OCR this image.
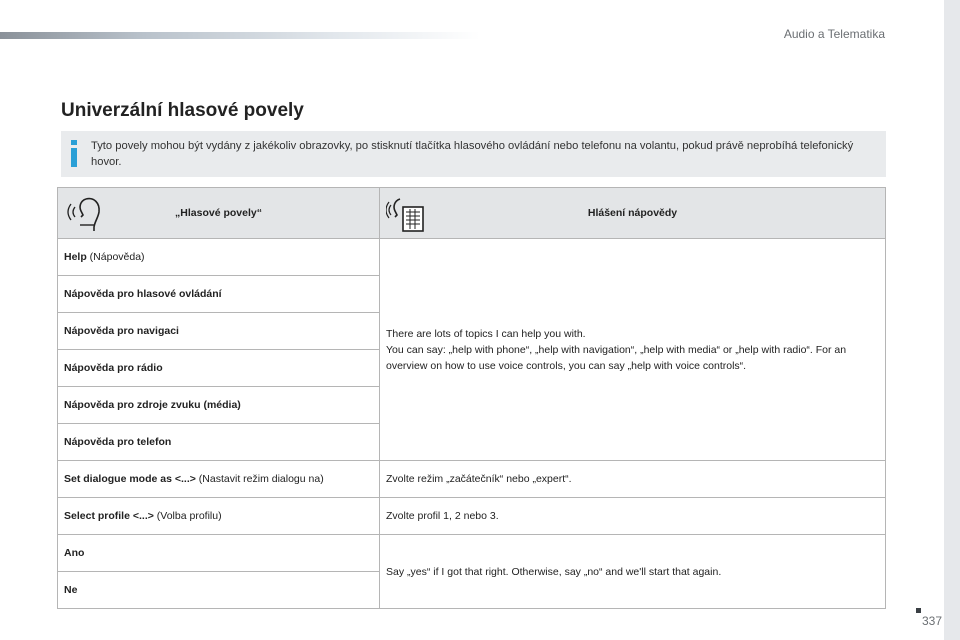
Audio a Telematika
Univerzální hlasové povely
Tyto povely mohou být vydány z jakékoliv obrazovky, po stisknutí tlačítka hlasového ovládání nebo telefonu na volantu, pokud právě neprobíhá telefonický hovor.
„Hlasové povely“	Hlášení nápovědy

Help (Nápověda)	There are lots of topics I can help you with.
You can say: „help with phone“, „help with navigation“, „help with media“ or „help with radio“. For an overview on how to use voice controls, you can say „help with voice controls“.

Nápověda pro hlasové ovládání	
Nápověda pro navigaci	
Nápověda pro rádio	
Nápověda pro zdroje zvuku (média)	
Nápověda pro telefon	
Set dialogue mode as <...> (Nastavit režim dialogu na)	Zvolte režim „začátečník“ nebo „expert“.
Select profile <...> (Volba profilu)	Zvolte profil 1, 2 nebo 3.
Ano	Say „yes“ if I got that right. Otherwise, say „no“ and we'll start that again.
Ne	
337
